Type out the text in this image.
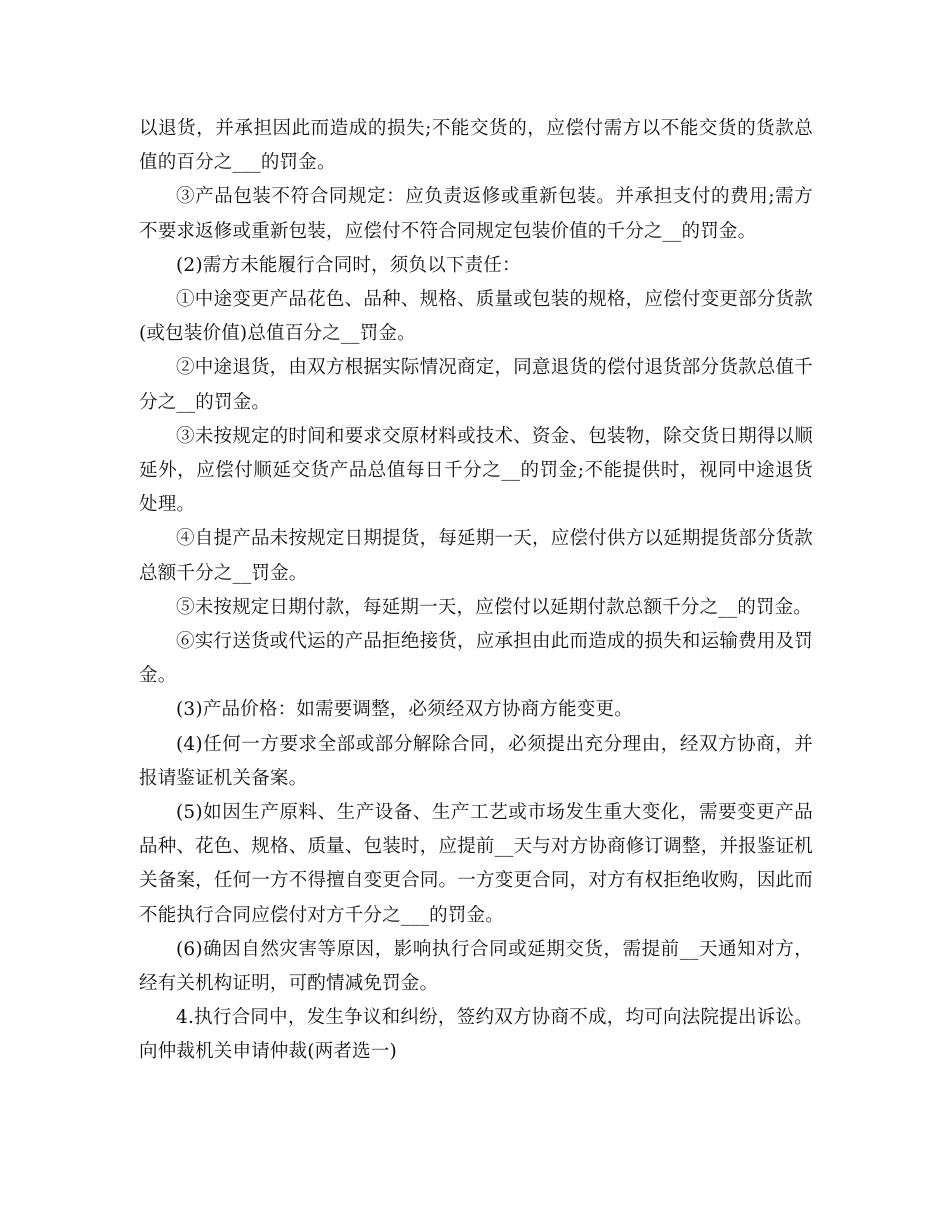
以退货，并承担因此而造成的损失;不能交货的，应偿付需方以不能交货的货款总值的百分之___的罚金。

③产品包装不符合同规定：应负责返修或重新包装。并承担支付的费用;需方不要求返修或重新包装，应偿付不符合同规定包装价值的千分之__的罚金。

(2)需方未能履行合同时，须负以下责任：

①中途变更产品花色、品种、规格、质量或包装的规格，应偿付变更部分货款(或包装价值)总值百分之__罚金。

②中途退货，由双方根据实际情况商定，同意退货的偿付退货部分货款总值千分之__的罚金。

③未按规定的时间和要求交原材料或技术、资金、包装物，除交货日期得以顺延外，应偿付顺延交货产品总值每日千分之__的罚金;不能提供时，视同中途退货处理。

④自提产品未按规定日期提货，每延期一天，应偿付供方以延期提货部分货款总额千分之__罚金。

⑤未按规定日期付款，每延期一天，应偿付以延期付款总额千分之__的罚金。

⑥实行送货或代运的产品拒绝接货，应承担由此而造成的损失和运输费用及罚金。

(3)产品价格：如需要调整，必须经双方协商方能变更。

(4)任何一方要求全部或部分解除合同，必须提出充分理由，经双方协商，并报请鉴证机关备案。

(5)如因生产原料、生产设备、生产工艺或市场发生重大变化，需要变更产品品种、花色、规格、质量、包装时，应提前__天与对方协商修订调整，并报鉴证机关备案，任何一方不得擅自变更合同。一方变更合同，对方有权拒绝收购，因此而不能执行合同应偿付对方千分之___的罚金。

(6)确因自然灾害等原因，影响执行合同或延期交货，需提前__天通知对方，经有关机构证明，可酌情减免罚金。

4.执行合同中，发生争议和纠纷，签约双方协商不成，均可向法院提出诉讼。向仲裁机关申请仲裁(两者选一)
